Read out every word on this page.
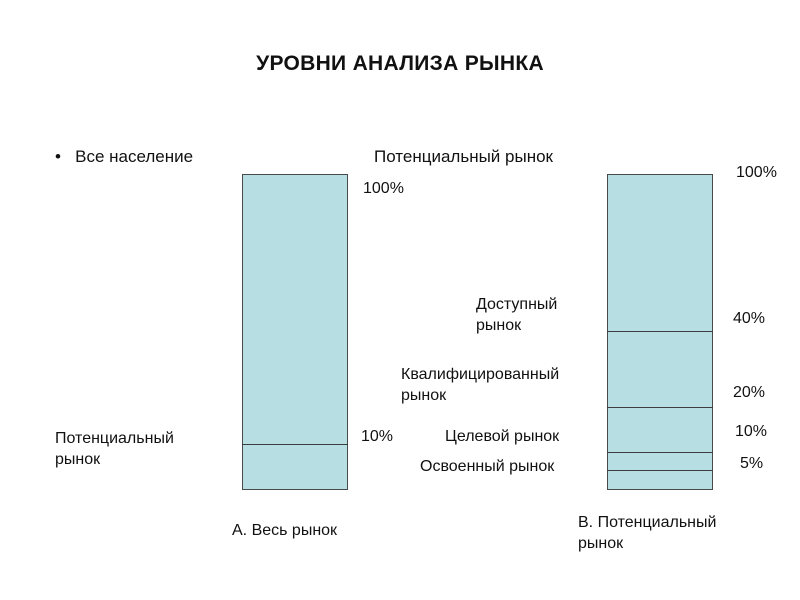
УРОВНИ АНАЛИЗА РЫНКА
• Все население	Потенциальный рынок
100%
10%
Потенциальный
рынок
А. Весь рынок
100%
40%
20%
10%
5%
Доступный
рынок
Квалифицированный
рынок
Целевой рынок
Освоенный рынок
В. Потенциальный
рынок
